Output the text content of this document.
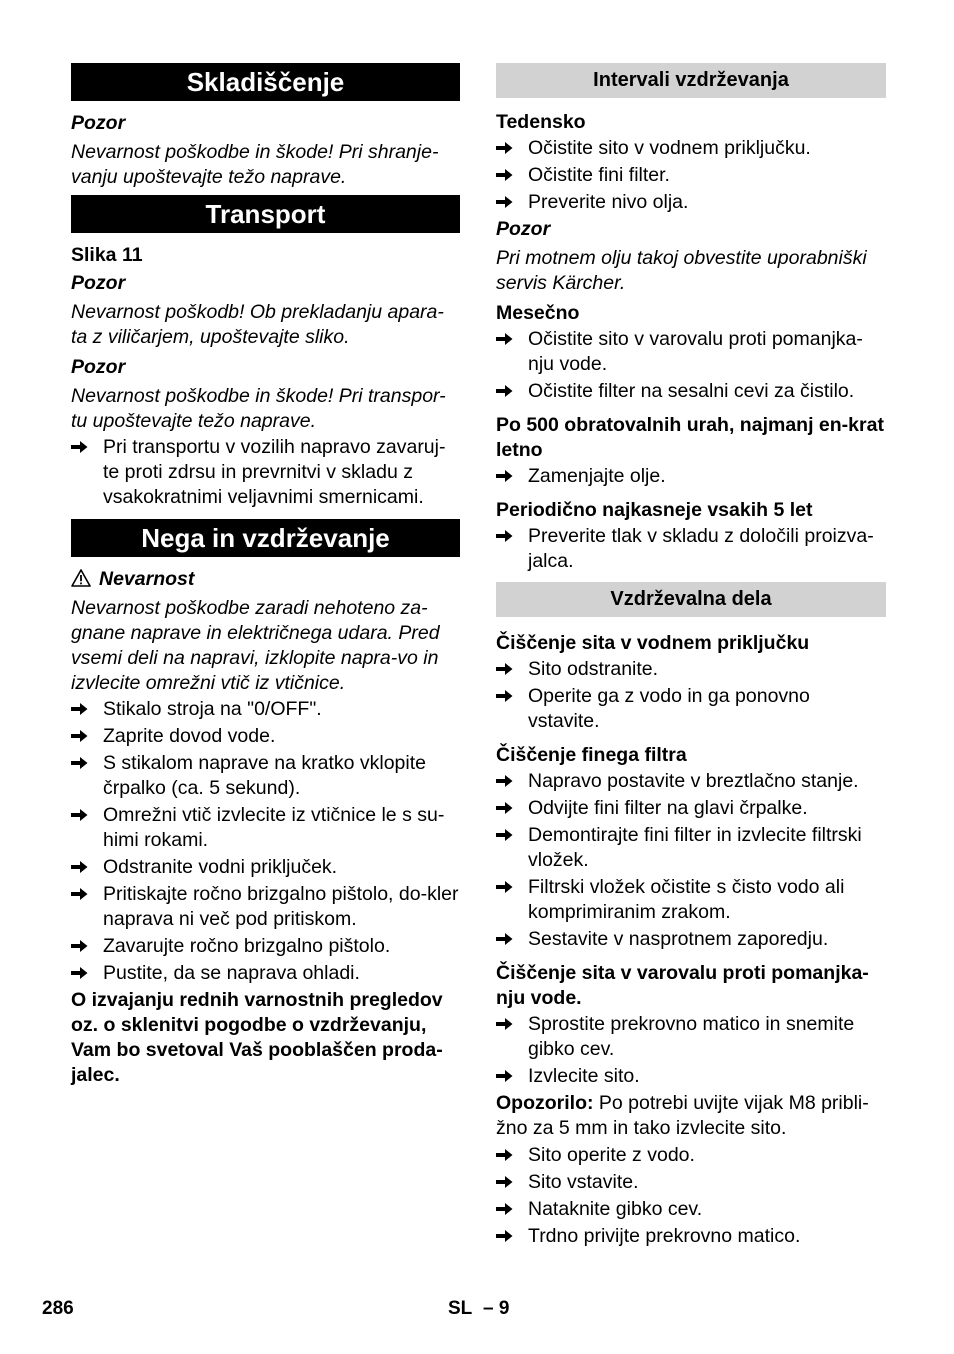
Skladiščenje
Pozor
Nevarnost poškodbe in škode! Pri shranje-vanju upoštevajte težo naprave.
Transport
Slika 11
Pozor
Nevarnost poškodb! Ob prekladanju apara-ta z viličarjem, upoštevajte sliko.
Pozor
Nevarnost poškodbe in škode! Pri transpor-tu upoštevajte težo naprave.
Pri transportu v vozilih napravo zavaruj-te proti zdrsu in prevrnitvi v skladu z vsakokratnimi veljavnimi smernicami.
Nega in vzdrževanje
Nevarnost
Nevarnost poškodbe zaradi nehoteno za-gnane naprave in električnega udara. Pred vsemi deli na napravi, izklopite napra-vo in izvlecite omrežni vtič iz vtičnice.
Stikalo stroja na "0/OFF".
Zaprite dovod vode.
S stikalom naprave na kratko vklopite črpalko (ca. 5 sekund).
Omrežni vtič izvlecite iz vtičnice le s su-himi rokami.
Odstranite vodni priključek.
Pritiskajte ročno brizgalno pištolo, do-kler naprava ni več pod pritiskom.
Zavarujte ročno brizgalno pištolo.
Pustite, da se naprava ohladi.
O izvajanju rednih varnostnih pregledov oz. o sklenitvi pogodbe o vzdrževanju, Vam bo svetoval Vaš pooblaščen proda-jalec.
Intervali vzdrževanja
Tedensko
Očistite sito v vodnem priključku.
Očistite fini filter.
Preverite nivo olja.
Pozor
Pri motnem olju takoj obvestite uporabniški servis Kärcher.
Mesečno
Očistite sito v varovalu proti pomanjka-nju vode.
Očistite filter na sesalni cevi za čistilo.
Po 500 obratovalnih urah, najmanj en-krat letno
Zamenjajte olje.
Periodično najkasneje vsakih 5 let
Preverite tlak v skladu z določili proizva-jalca.
Vzdrževalna dela
Čiščenje sita v vodnem priključku
Sito odstranite.
Operite ga z vodo in ga ponovno vstavite.
Čiščenje finega filtra
Napravo postavite v breztlačno stanje.
Odvijte fini filter na glavi črpalke.
Demontirajte fini filter in izvlecite filtrski vložek.
Filtrski vložek očistite s čisto vodo ali komprimiranim zrakom.
Sestavite v nasprotnem zaporedju.
Čiščenje sita v varovalu proti pomanjka-nju vode.
Sprostite prekrovno matico in snemite gibko cev.
Izvlecite sito.
Opozorilo: Po potrebi uvijte vijak M8 pribli-žno za 5 mm in tako izvlecite sito.
Sito operite z vodo.
Sito vstavite.
Nataknite gibko cev.
Trdno privijte prekrovno matico.
286	SL – 9
